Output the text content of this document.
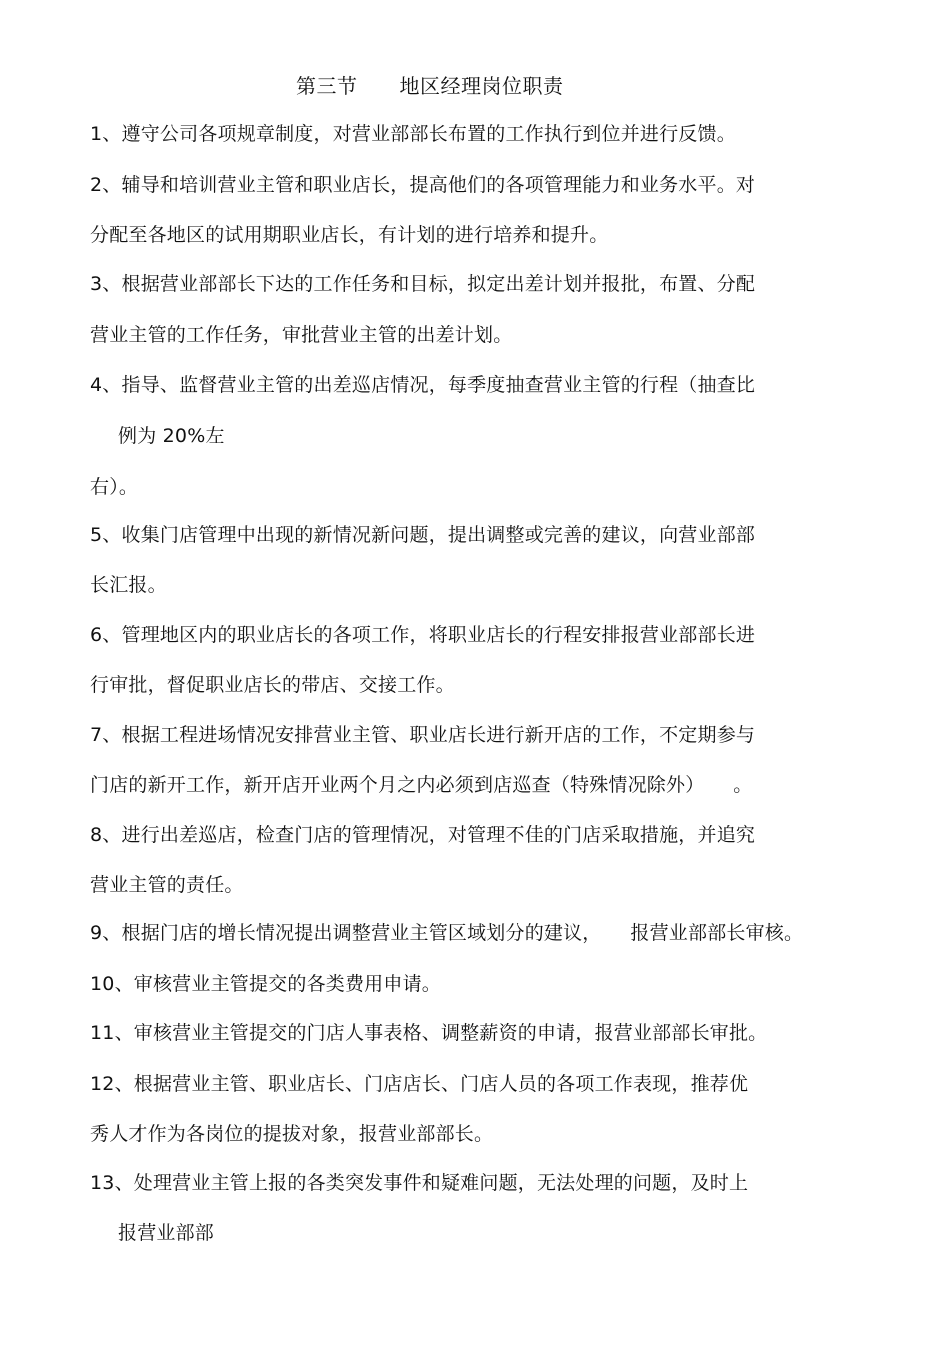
第三节 地区经理岗位职责
1、遵守公司各项规章制度，对营业部部长布置的工作执行到位并进行反馈。
2、辅导和培训营业主管和职业店长，提高他们的各项管理能力和业务水平。对
分配至各地区的试用期职业店长，有计划的进行培养和提升。
3、根据营业部部长下达的工作任务和目标，拟定出差计划并报批，布置、分配
营业主管的工作任务，审批营业主管的出差计划。
4、指导、监督营业主管的出差巡店情况，每季度抽查营业主管的行程（抽查比
例为 20%左
右）。
5、收集门店管理中出现的新情况新问题，提出调整或完善的建议，向营业部部
长汇报。
6、管理地区内的职业店长的各项工作，将职业店长的行程安排报营业部部长进
行审批，督促职业店长的带店、交接工作。
7、根据工程进场情况安排营业主管、职业店长进行新开店的工作，不定期参与
门店的新开工作，新开店开业两个月之内必须到店巡查（特殊情况除外）　　。
8、进行出差巡店，检查门店的管理情况，对管理不佳的门店采取措施，并追究
营业主管的责任。
9、根据门店的增长情况提出调整营业主管区域划分的建议，　　报营业部部长审核。
10、审核营业主管提交的各类费用申请。
11、审核营业主管提交的门店人事表格、调整薪资的申请，报营业部部长审批。
12、根据营业主管、职业店长、门店店长、门店人员的各项工作表现，推荐优
秀人才作为各岗位的提拔对象，报营业部部长。
13、处理营业主管上报的各类突发事件和疑难问题，无法处理的问题，及时上
报营业部部
